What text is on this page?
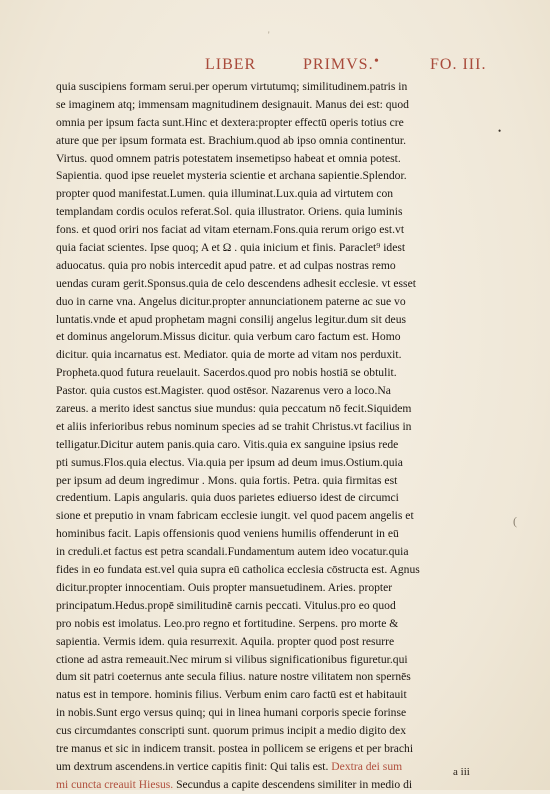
'
LIBER	PRIMVS. •	FO. III.
•
(
quia suscipiens formam serui.per operum virtutumq; similitudinem.patris in
se imaginem atq; immensam magnitudinem designauit. Manus dei est: quod
omnia per ipsum facta sunt.Hinc et dextera:propter effectū operis totius cre
ature que per ipsum formata est. Brachium.quod ab ipso omnia continentur.
Virtus. quod omnem patris potestatem insemetipso habeat et omnia potest.
Sapientia. quod ipse reuelet mysteria scientie et archana sapientie.Splendor.
propter quod manifestat.Lumen. quia illuminat.Lux.quia ad virtutem con
templandam cordis oculos referat.Sol. quia illustrator. Oriens. quia luminis
fons. et quod oriri nos faciat ad vitam eternam.Fons.quia rerum origo est.vt
quia faciat scientes. Ipse quoq; A et Ω . quia inicium et finis. Paraclet⁹ idest
aduocatus. quia pro nobis intercedit apud patre. et ad culpas nostras remo
uendas curam gerit.Sponsus.quia de celo descendens adhesit ecclesie. vt esset
duo in carne vna. Angelus dicitur.propter annunciationem paterne ac sue vo
luntatis.vnde et apud prophetam magni consilij angelus legitur.dum sit deus
et dominus angelorum.Missus dicitur. quia verbum caro factum est. Homo
dicitur. quia incarnatus est. Mediator. quia de morte ad vitam nos perduxit.
Propheta.quod futura reuelauit. Sacerdos.quod pro nobis hostiā se obtulit.
Pastor. quia custos est.Magister. quod ostēsor. Nazarenus vero a loco.Na
zareus. a merito idest sanctus siue mundus: quia peccatum nō fecit.Siquidem
et aliis inferioribus rebus nominum species ad se trahit Christus.vt facilius in
telligatur.Dicitur autem panis.quia caro. Vitis.quia ex sanguine ipsius rede
pti sumus.Flos.quia electus. Via.quia per ipsum ad deum imus.Ostium.quia
per ipsum ad deum ingredimur . Mons. quia fortis. Petra. quia firmitas est
credentium. Lapis angularis. quia duos parietes ediuerso idest de circumci
sione et preputio in vnam fabricam ecclesie iungit. vel quod pacem angelis et
hominibus facit. Lapis offensionis quod veniens humilis offenderunt in eū
in creduli.et factus est petra scandali.Fundamentum autem ideo vocatur.quia
fides in eo fundata est.vel quia supra eū catholica ecclesia cōstructa est. Agnus
dicitur.propter innocentiam. Ouis propter mansuetudinem. Aries. propter
principatum.Hedus.propē similitudinē carnis peccati. Vitulus.pro eo quod
pro nobis est imolatus. Leo.pro regno et fortitudine. Serpens. pro morte &
sapientia. Vermis idem. quia resurrexit. Aquila. propter quod post resurre
ctione ad astra remeauit.Nec mirum si vilibus significationibus figuretur.qui
dum sit patri coeternus ante secula filius. nature nostre vilitatem non spernēs
natus est in tempore. hominis filius. Verbum enim caro factū est et habitauit
in nobis.Sunt ergo versus quinq; qui in linea humani corporis specie forinse
cus circumdantes conscripti sunt. quorum primus incipit a medio digito dex
tre manus et sic in indicem transit. postea in pollicem se erigens et per brachi
um dextrum ascendens.in vertice capitis finit: Qui talis est. Dextra dei sum
mi cuncta creauit Hiesus. Secundus a capite descendens similiter in medio di
a iii
